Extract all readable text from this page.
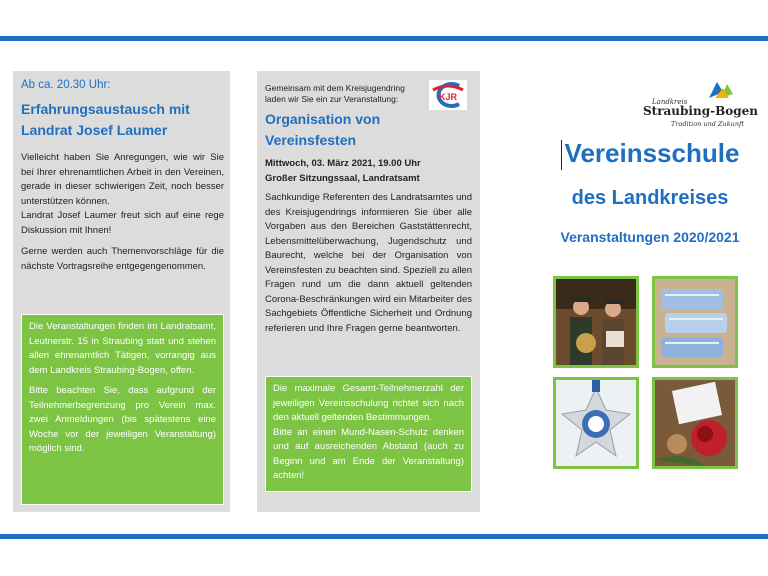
Ab ca. 20.30 Uhr:
Erfahrungsaustausch mit Landrat Josef Laumer

Vielleicht haben Sie Anregungen, wie wir Sie bei Ihrer ehrenamtlichen Arbeit in den Vereinen, gerade in dieser schwierigen Zeit, noch besser unterstützen können.

Landrat Josef Laumer freut sich auf eine rege Diskussion mit Ihnen!

Gerne werden auch Themenvorschläge für die nächste Vortragsreihe entgegengenommen.

Die Veranstaltungen finden im Landratsamt, Leutnerstr. 15 in Straubing statt und stehen allen ehrenamtlich Tätigen, vorrangig aus dem Landkreis Straubing-Bogen, offen.

Bitte beachten Sie, dass aufgrund der Teilnehmerbegrenzung pro Verein max. zwei Anmeldungen (bis spätestens eine Woche vor der jeweiligen Veranstaltung) möglich sind.

Gemeinsam mit dem Kreisjugendring laden wir Sie ein zur Veranstaltung:	KJR
Organisation von Vereinsfesten
Mittwoch, 03. März 2021, 19.00 Uhr
Großer Sitzungssaal, Landratsamt

Sachkundige Referenten des Landratsamtes und des Kreisjugendrings informieren Sie über alle Vorgaben aus den Bereichen Gaststättenrecht, Lebensmittelüberwachung, Jugendschutz und Baurecht, welche bei der Organisation von Vereinsfesten zu beachten sind. Speziell zu allen Fragen rund um die dann aktuell geltenden Corona-Beschränkungen wird ein Mitarbeiter des Sachgebiets Öffentliche Sicherheit und Ordnung referieren und Ihre Fragen gerne beantworten.

Die maximale Gesamt-Teilnehmerzahl der jeweiligen Vereinsschulung richtet sich nach den aktuell geltenden Bestimmungen.

Bitte an einen Mund-Nasen-Schutz denken und auf ausreichenden Abstand (auch zu Beginn und am Ende der Veranstaltung) achten!

Landkreis
Straubing-Bogen
Tradition und Zukunft
Vereinsschule
des Landkreises
Veranstaltungen 2020/2021
